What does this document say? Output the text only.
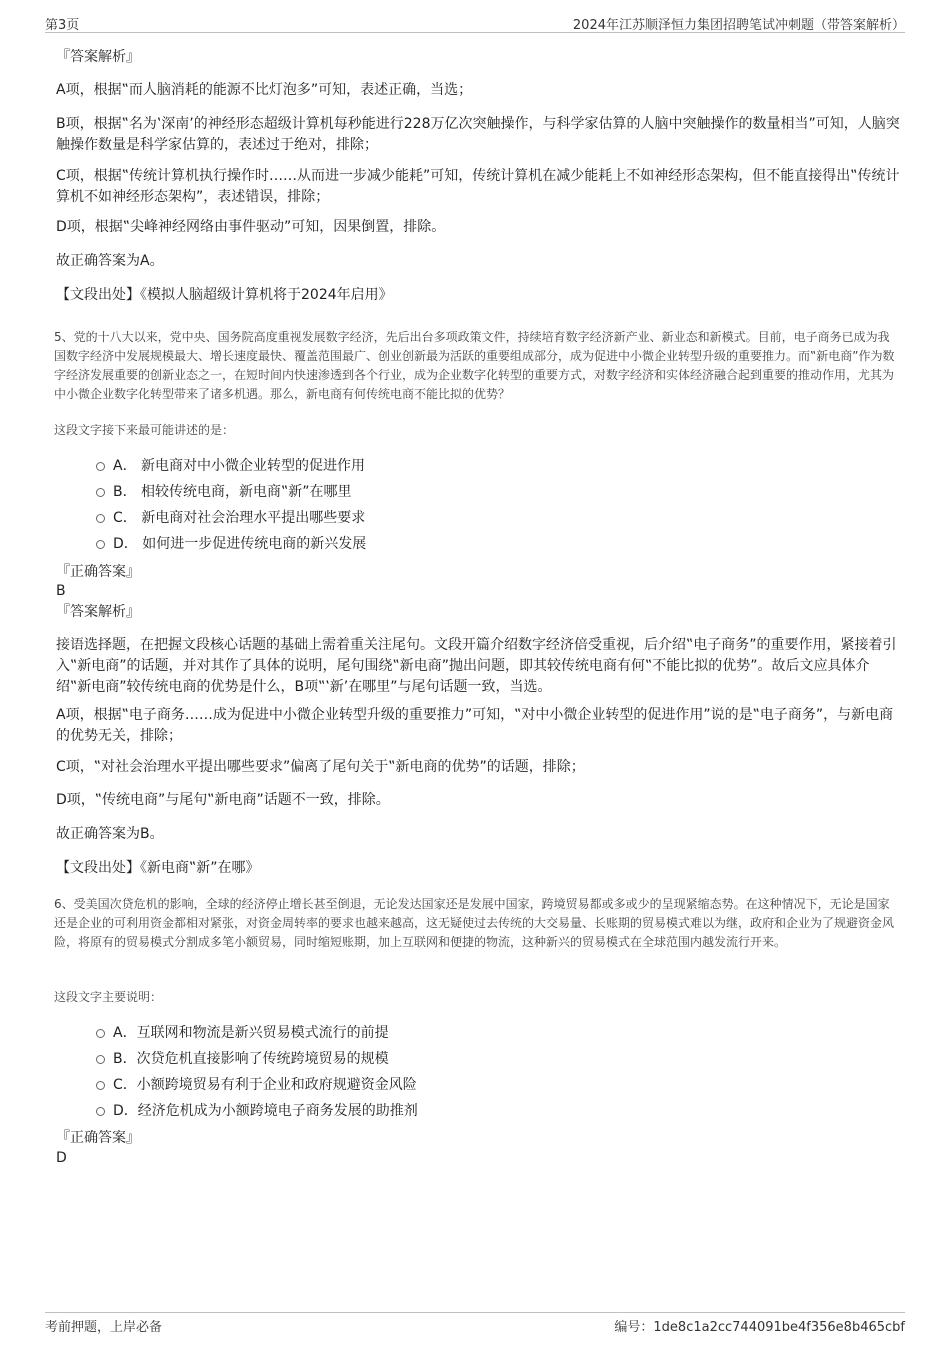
第3页	2024年江苏顺泽恒力集团招聘笔试冲刺题（带答案解析）
『答案解析』
A项，根据‟而人脑消耗的能源不比灯泡多”可知，表述正确，当选；
B项，根据‟名为‛深南’的神经形态超级计算机每秒能进行228万亿次突触操作，与科学家估算的人脑中突触操作的数量相当”可知，人脑突触操作数量是科学家估算的，表述过于绝对，排除；
C项，根据‟传统计算机执行操作时……从而进一步减少能耗”可知，传统计算机在减少能耗上不如神经形态架构，但不能直接得出‟传统计算机不如神经形态架构”，表述错误，排除；
D项，根据‟尖峰神经网络由事件驱动”可知，因果倒置，排除。
故正确答案为A。
【文段出处】《模拟人脑超级计算机将于2024年启用》
5、党的十八大以来，党中央、国务院高度重视发展数字经济，先后出台多项政策文件，持续培育数字经济新产业、新业态和新模式。目前，电子商务已成为我国数字经济中发展规模最大、增长速度最快、覆盖范围最广、创业创新最为活跃的重要组成部分，成为促进中小微企业转型升级的重要推力。而‟新电商”作为数字经济发展重要的创新业态之一，在短时间内快速渗透到各个行业，成为企业数字化转型的重要方式，对数字经济和实体经济融合起到重要的推动作用，尤其为中小微企业数字化转型带来了诸多机遇。那么，新电商有何传统电商不能比拟的优势？
这段文字接下来最可能讲述的是：
A． 新电商对中小微企业转型的促进作用
B． 相较传统电商，新电商‟新”在哪里
C． 新电商对社会治理水平提出哪些要求
D． 如何进一步促进传统电商的新兴发展
『正确答案』
B
『答案解析』
接语选择题，在把握文段核心话题的基础上需着重关注尾句。文段开篇介绍数字经济倍受重视，后介绍‟电子商务”的重要作用，紧接着引入‟新电商”的话题，并对其作了具体的说明，尾句围绕‟新电商”抛出问题，即其较传统电商有何‟不能比拟的优势”。故后文应具体介绍‟新电商”较传统电商的优势是什么，B项‟‛新’在哪里”与尾句话题一致，当选。
A项，根据‟电子商务……成为促进中小微企业转型升级的重要推力”可知，‟对中小微企业转型的促进作用”说的是‟电子商务”，与新电商的优势无关，排除；
C项，‟对社会治理水平提出哪些要求”偏离了尾句关于‟新电商的优势”的话题，排除；
D项，‟传统电商”与尾句‟新电商”话题不一致，排除。
故正确答案为B。
【文段出处】《新电商‟新”在哪》
6、受美国次贷危机的影响，全球的经济停止增长甚至倒退，无论发达国家还是发展中国家，跨境贸易都或多或少的呈现紧缩态势。在这种情况下，无论是国家还是企业的可利用资金都相对紧张，对资金周转率的要求也越来越高，这无疑使过去传统的大交易量、长账期的贸易模式难以为继，政府和企业为了规避资金风险，将原有的贸易模式分割成多笔小额贸易，同时缩短账期，加上互联网和便捷的物流，这种新兴的贸易模式在全球范围内越发流行开来。
这段文字主要说明：
A．互联网和物流是新兴贸易模式流行的前提
B．次贷危机直接影响了传统跨境贸易的规模
C．小额跨境贸易有利于企业和政府规避资金风险
D．经济危机成为小额跨境电子商务发展的助推剂
『正确答案』
D
考前押题，上岸必备	编号：1de8c1a2cc744091be4f356e8b465cbf
